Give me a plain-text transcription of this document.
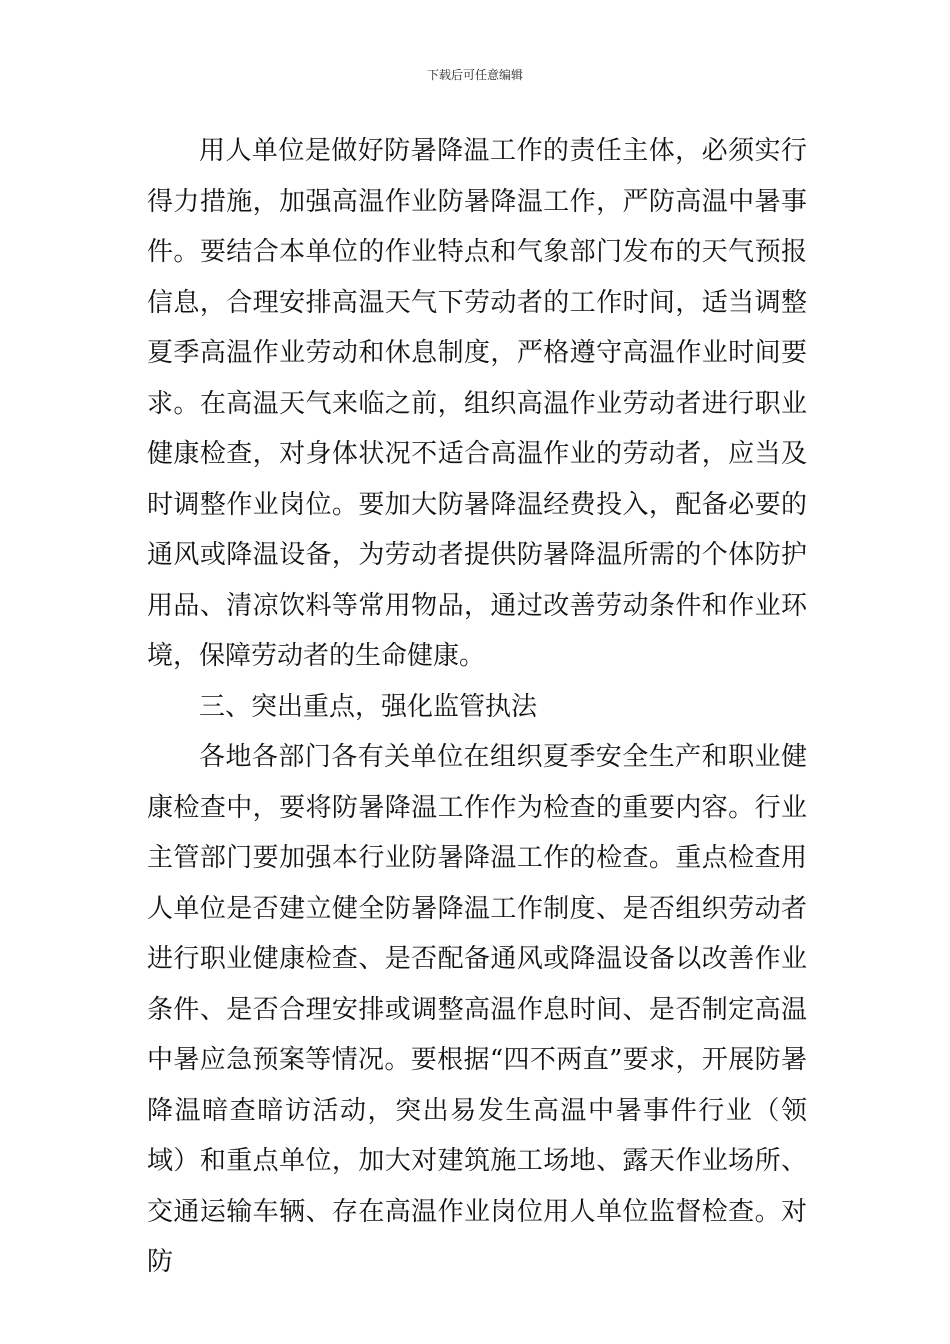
下载后可任意编辑

用人单位是做好防暑降温工作的责任主体，必须实行得力措施，加强高温作业防暑降温工作，严防高温中暑事件。要结合本单位的作业特点和气象部门发布的天气预报信息，合理安排高温天气下劳动者的工作时间，适当调整夏季高温作业劳动和休息制度，严格遵守高温作业时间要求。在高温天气来临之前，组织高温作业劳动者进行职业健康检查，对身体状况不适合高温作业的劳动者，应当及时调整作业岗位。要加大防暑降温经费投入，配备必要的通风或降温设备，为劳动者提供防暑降温所需的个体防护用品、清凉饮料等常用物品，通过改善劳动条件和作业环境，保障劳动者的生命健康。

三、突出重点，强化监管执法

各地各部门各有关单位在组织夏季安全生产和职业健康检查中，要将防暑降温工作作为检查的重要内容。行业主管部门要加强本行业防暑降温工作的检查。重点检查用人单位是否建立健全防暑降温工作制度、是否组织劳动者进行职业健康检查、是否配备通风或降温设备以改善作业条件、是否合理安排或调整高温作息时间、是否制定高温中暑应急预案等情况。要根据“四不两直”要求，开展防暑降温暗查暗访活动，突出易发生高温中暑事件行业（领域）和重点单位，加大对建筑施工场地、露天作业场所、交通运输车辆、存在高温作业岗位用人单位监督检查。对防
